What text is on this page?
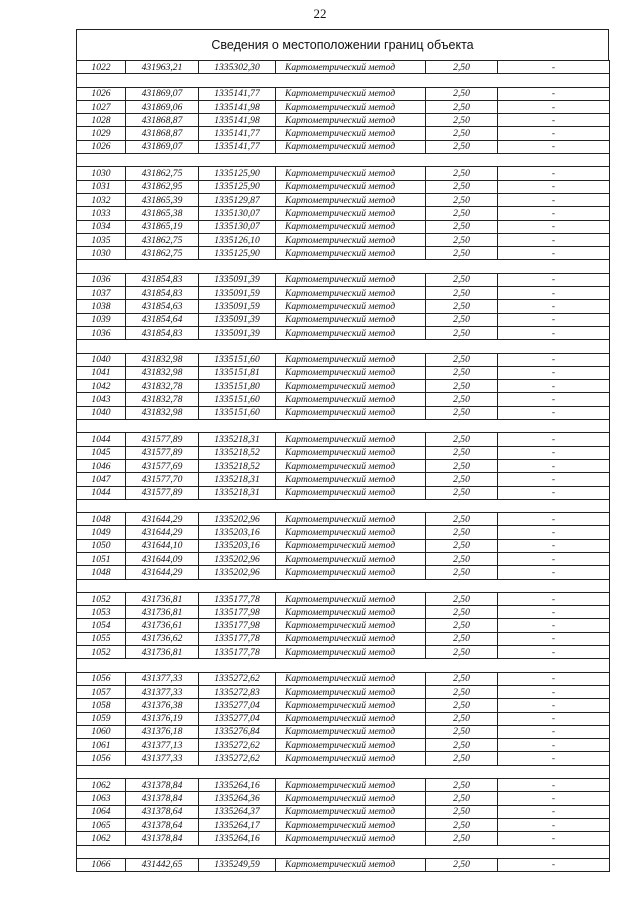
22
Сведения о местоположении границ объекта
1022	431963,21	1335302,30	Картометрический метод	2,50	-

1026	431869,07	1335141,77	Картометрический метод	2,50	-
1027	431869,06	1335141,98	Картометрический метод	2,50	-
1028	431868,87	1335141,98	Картометрический метод	2,50	-
1029	431868,87	1335141,77	Картометрический метод	2,50	-
1026	431869,07	1335141,77	Картометрический метод	2,50	-

1030	431862,75	1335125,90	Картометрический метод	2,50	-
1031	431862,95	1335125,90	Картометрический метод	2,50	-
1032	431865,39	1335129,87	Картометрический метод	2,50	-
1033	431865,38	1335130,07	Картометрический метод	2,50	-
1034	431865,19	1335130,07	Картометрический метод	2,50	-
1035	431862,75	1335126,10	Картометрический метод	2,50	-
1030	431862,75	1335125,90	Картометрический метод	2,50	-

1036	431854,83	1335091,39	Картометрический метод	2,50	-
1037	431854,83	1335091,59	Картометрический метод	2,50	-
1038	431854,63	1335091,59	Картометрический метод	2,50	-
1039	431854,64	1335091,39	Картометрический метод	2,50	-
1036	431854,83	1335091,39	Картометрический метод	2,50	-

1040	431832,98	1335151,60	Картометрический метод	2,50	-
1041	431832,98	1335151,81	Картометрический метод	2,50	-
1042	431832,78	1335151,80	Картометрический метод	2,50	-
1043	431832,78	1335151,60	Картометрический метод	2,50	-
1040	431832,98	1335151,60	Картометрический метод	2,50	-

1044	431577,89	1335218,31	Картометрический метод	2,50	-
1045	431577,89	1335218,52	Картометрический метод	2,50	-
1046	431577,69	1335218,52	Картометрический метод	2,50	-
1047	431577,70	1335218,31	Картометрический метод	2,50	-
1044	431577,89	1335218,31	Картометрический метод	2,50	-

1048	431644,29	1335202,96	Картометрический метод	2,50	-
1049	431644,29	1335203,16	Картометрический метод	2,50	-
1050	431644,10	1335203,16	Картометрический метод	2,50	-
1051	431644,09	1335202,96	Картометрический метод	2,50	-
1048	431644,29	1335202,96	Картометрический метод	2,50	-

1052	431736,81	1335177,78	Картометрический метод	2,50	-
1053	431736,81	1335177,98	Картометрический метод	2,50	-
1054	431736,61	1335177,98	Картометрический метод	2,50	-
1055	431736,62	1335177,78	Картометрический метод	2,50	-
1052	431736,81	1335177,78	Картометрический метод	2,50	-

1056	431377,33	1335272,62	Картометрический метод	2,50	-
1057	431377,33	1335272,83	Картометрический метод	2,50	-
1058	431376,38	1335277,04	Картометрический метод	2,50	-
1059	431376,19	1335277,04	Картометрический метод	2,50	-
1060	431376,18	1335276,84	Картометрический метод	2,50	-
1061	431377,13	1335272,62	Картометрический метод	2,50	-
1056	431377,33	1335272,62	Картометрический метод	2,50	-

1062	431378,84	1335264,16	Картометрический метод	2,50	-
1063	431378,84	1335264,36	Картометрический метод	2,50	-
1064	431378,64	1335264,37	Картометрический метод	2,50	-
1065	431378,64	1335264,17	Картометрический метод	2,50	-
1062	431378,84	1335264,16	Картометрический метод	2,50	-

1066	431442,65	1335249,59	Картометрический метод	2,50	-
